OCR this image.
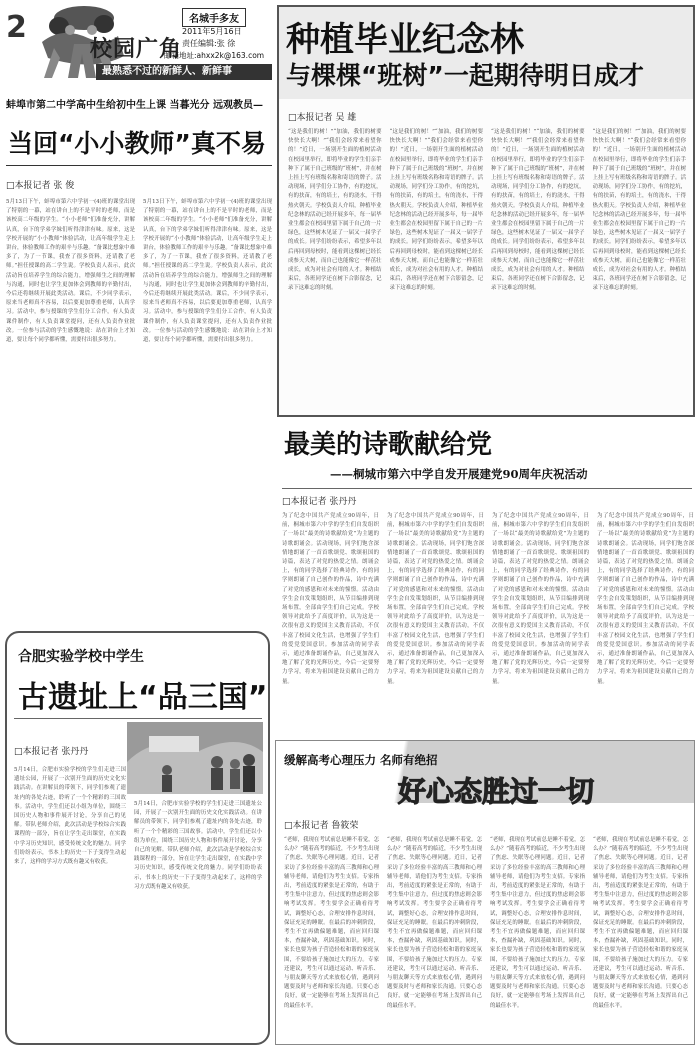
2
校园广角
名城手多友
2011年5月16日
责任编辑:张 徐
邮箱地址:ahxx2k@163.com
最熟悉不过的新鲜人、新鲜事
蚌埠市第二中学高中生给初中生上课 当暮光分 远观教员—
当回“小小教师”真不易
□本报记者 张 俊
5月13日下午，蚌埠市第六中学初一(4)班的课堂出现了特别的一幕，站在讲台上的不是平时的老师，而是该校高二年级的学生。“小小老师”们准备充分，讲解认真，台下的学弟学妹们听得津津有味。原来，这是学校开展的“小小教师”体验活动，让高年级学生走上讲台，体验教师工作的艰辛与乐趣。“备课比想象中难多了，为了一节课，我查了很多资料，还请教了老师。”担任授课的高二学生说。学校负责人表示，此次活动旨在培养学生的综合能力，增强师生之间的理解与沟通，同时也让学生更加体会到教师的辛勤付出，今后还将继续开展此类活动。课后，不少同学表示，原来当老师真不容易，以后要更加尊重老师，认真学习。活动中，参与授课的学生们分工合作，有人负责课件制作，有人负责课堂提问，还有人负责作业批改。一位参与活动的学生感慨地说：站在讲台上才知道，要让每个同学都听懂，需要付出很多努力。
5月13日下午，蚌埠市第六中学初一(4)班的课堂出现了特别的一幕，站在讲台上的不是平时的老师，而是该校高二年级的学生。“小小老师”们准备充分，讲解认真，台下的学弟学妹们听得津津有味。原来，这是学校开展的“小小教师”体验活动，让高年级学生走上讲台，体验教师工作的艰辛与乐趣。“备课比想象中难多了，为了一节课，我查了很多资料，还请教了老师。”担任授课的高二学生说。学校负责人表示，此次活动旨在培养学生的综合能力，增强师生之间的理解与沟通，同时也让学生更加体会到教师的辛勤付出，今后还将继续开展此类活动。课后，不少同学表示，原来当老师真不容易，以后要更加尊重老师，认真学习。活动中，参与授课的学生们分工合作，有人负责课件制作，有人负责课堂提问，还有人负责作业批改。一位参与活动的学生感慨地说：站在讲台上才知道，要让每个同学都听懂，需要付出很多努力。
种植毕业纪念林
与棵棵“班树”一起期待明日成才
□本报记者 吴 雄
“这是我们的树！”“加油，我们的树要快快长大啊！”“我们会经常来看望你的！”近日，一场别开生面的植树活动在校园里举行，即将毕业的学生们亲手种下了属于自己班级的“班树”，并在树上挂上写有班级名称和寄语的牌子。活动现场，同学们分工协作，有的挖坑，有的扶苗，有的培土，有的浇水，干得热火朝天。学校负责人介绍，种植毕业纪念林的活动已经开展多年，每一届毕业生都会在校园里留下属于自己的一片绿色，这些树木见证了一届又一届学子的成长。同学们纷纷表示，希望多年以后再回到母校时，能看到这棵树已经长成参天大树，而自己也能像它一样茁壮成长，成为对社会有用的人才。种植结束后，各班同学还在树下合影留念，记录下这难忘的时刻。
“这是我们的树！”“加油，我们的树要快快长大啊！”“我们会经常来看望你的！”近日，一场别开生面的植树活动在校园里举行，即将毕业的学生们亲手种下了属于自己班级的“班树”，并在树上挂上写有班级名称和寄语的牌子。活动现场，同学们分工协作，有的挖坑，有的扶苗，有的培土，有的浇水，干得热火朝天。学校负责人介绍，种植毕业纪念林的活动已经开展多年，每一届毕业生都会在校园里留下属于自己的一片绿色，这些树木见证了一届又一届学子的成长。同学们纷纷表示，希望多年以后再回到母校时，能看到这棵树已经长成参天大树，而自己也能像它一样茁壮成长，成为对社会有用的人才。种植结束后，各班同学还在树下合影留念，记录下这难忘的时刻。
“这是我们的树！”“加油，我们的树要快快长大啊！”“我们会经常来看望你的！”近日，一场别开生面的植树活动在校园里举行，即将毕业的学生们亲手种下了属于自己班级的“班树”，并在树上挂上写有班级名称和寄语的牌子。活动现场，同学们分工协作，有的挖坑，有的扶苗，有的培土，有的浇水，干得热火朝天。学校负责人介绍，种植毕业纪念林的活动已经开展多年，每一届毕业生都会在校园里留下属于自己的一片绿色，这些树木见证了一届又一届学子的成长。同学们纷纷表示，希望多年以后再回到母校时，能看到这棵树已经长成参天大树，而自己也能像它一样茁壮成长，成为对社会有用的人才。种植结束后，各班同学还在树下合影留念，记录下这难忘的时刻。
“这是我们的树！”“加油，我们的树要快快长大啊！”“我们会经常来看望你的！”近日，一场别开生面的植树活动在校园里举行，即将毕业的学生们亲手种下了属于自己班级的“班树”，并在树上挂上写有班级名称和寄语的牌子。活动现场，同学们分工协作，有的挖坑，有的扶苗，有的培土，有的浇水，干得热火朝天。学校负责人介绍，种植毕业纪念林的活动已经开展多年，每一届毕业生都会在校园里留下属于自己的一片绿色，这些树木见证了一届又一届学子的成长。同学们纷纷表示，希望多年以后再回到母校时，能看到这棵树已经长成参天大树，而自己也能像它一样茁壮成长，成为对社会有用的人才。种植结束后，各班同学还在树下合影留念，记录下这难忘的时刻。
最美的诗歌献给党
——桐城市第六中学自发开展建党90周年庆祝活动
□本报记者 张丹丹
为了纪念中国共产党成立90周年，日前，桐城市第六中学的学生们自发组织了一场以“最美的诗歌献给党”为主题的诗歌朗诵会。活动现场，同学们饱含深情地朗诵了一首首歌颂党、歌颂祖国的诗篇，表达了对党的热爱之情。朗诵会上，有的同学选择了经典诗作，有的同学则朗诵了自己创作的作品，诗中充满了对党的感恩和对未来的憧憬。活动由学生会自发策划组织，从节目编排到现场布置，全部由学生们自己完成。学校领导对此给予了高度评价，认为这是一次很有意义的爱国主义教育活动，不仅丰富了校园文化生活，也增强了学生们的爱党爱国意识。参加活动的同学表示，通过准备朗诵作品，自己更加深入地了解了党的光辉历史，今后一定要努力学习，将来为祖国建设贡献自己的力量。
为了纪念中国共产党成立90周年，日前，桐城市第六中学的学生们自发组织了一场以“最美的诗歌献给党”为主题的诗歌朗诵会。活动现场，同学们饱含深情地朗诵了一首首歌颂党、歌颂祖国的诗篇，表达了对党的热爱之情。朗诵会上，有的同学选择了经典诗作，有的同学则朗诵了自己创作的作品，诗中充满了对党的感恩和对未来的憧憬。活动由学生会自发策划组织，从节目编排到现场布置，全部由学生们自己完成。学校领导对此给予了高度评价，认为这是一次很有意义的爱国主义教育活动，不仅丰富了校园文化生活，也增强了学生们的爱党爱国意识。参加活动的同学表示，通过准备朗诵作品，自己更加深入地了解了党的光辉历史，今后一定要努力学习，将来为祖国建设贡献自己的力量。
为了纪念中国共产党成立90周年，日前，桐城市第六中学的学生们自发组织了一场以“最美的诗歌献给党”为主题的诗歌朗诵会。活动现场，同学们饱含深情地朗诵了一首首歌颂党、歌颂祖国的诗篇，表达了对党的热爱之情。朗诵会上，有的同学选择了经典诗作，有的同学则朗诵了自己创作的作品，诗中充满了对党的感恩和对未来的憧憬。活动由学生会自发策划组织，从节目编排到现场布置，全部由学生们自己完成。学校领导对此给予了高度评价，认为这是一次很有意义的爱国主义教育活动，不仅丰富了校园文化生活，也增强了学生们的爱党爱国意识。参加活动的同学表示，通过准备朗诵作品，自己更加深入地了解了党的光辉历史，今后一定要努力学习，将来为祖国建设贡献自己的力量。
为了纪念中国共产党成立90周年，日前，桐城市第六中学的学生们自发组织了一场以“最美的诗歌献给党”为主题的诗歌朗诵会。活动现场，同学们饱含深情地朗诵了一首首歌颂党、歌颂祖国的诗篇，表达了对党的热爱之情。朗诵会上，有的同学选择了经典诗作，有的同学则朗诵了自己创作的作品，诗中充满了对党的感恩和对未来的憧憬。活动由学生会自发策划组织，从节目编排到现场布置，全部由学生们自己完成。学校领导对此给予了高度评价，认为这是一次很有意义的爱国主义教育活动，不仅丰富了校园文化生活，也增强了学生们的爱党爱国意识。参加活动的同学表示，通过准备朗诵作品，自己更加深入地了解了党的光辉历史，今后一定要努力学习，将来为祖国建设贡献自己的力量。
合肥实验学校中学生
古遗址上“品三国”
□本报记者 张丹丹
5月14日，合肥市实验学校的学生们走进三国遗址公园，开展了一次别开生面的历史文化实践活动。在讲解员的带领下，同学们参观了遗址内的各处古迹，聆听了一个个精彩的三国故事。活动中，学生们还以小组为单位，围绕三国历史人物和事件展开讨论，分享自己的见解。带队老师介绍，此次活动是学校综合实践课程的一部分，旨在让学生走出课堂，在实践中学习历史知识，感受传统文化的魅力。同学们纷纷表示，书本上的历史一下子变得生动起来了，这样的学习方式既有趣又有收获。
5月14日，合肥市实验学校的学生们走进三国遗址公园，开展了一次别开生面的历史文化实践活动。在讲解员的带领下，同学们参观了遗址内的各处古迹，聆听了一个个精彩的三国故事。活动中，学生们还以小组为单位，围绕三国历史人物和事件展开讨论，分享自己的见解。带队老师介绍，此次活动是学校综合实践课程的一部分，旨在让学生走出课堂，在实践中学习历史知识，感受传统文化的魅力。同学们纷纷表示，书本上的历史一下子变得生动起来了，这样的学习方式既有趣又有收获。
缓解高考心理压力 名师有绝招
好心态胜过一切
□本报记者 鲁筱荣
“老师，我现在考试前总是睡不着觉，怎么办？”随着高考的临近，不少考生出现了焦虑、失眠等心理问题。近日，记者采访了多位经验丰富的高三教师和心理辅导老师，请他们为考生支招。专家指出，考前适度的紧张是正常的，有助于考生集中注意力，但过度的焦虑则会影响考试发挥。考生要学会正确看待考试，调整好心态，合理安排作息时间，保证充足的睡眠。在最后的冲刺阶段，考生不宜再做偏题难题，而应回归课本，查漏补缺，巩固基础知识。同时，家长也要为孩子营造轻松和谐的家庭氛围，不要给孩子施加过大的压力。专家还建议，考生可以通过运动、听音乐、与朋友聊天等方式来放松心情，遇到问题要及时与老师和家长沟通。只要心态良好，就一定能够在考场上发挥出自己的最佳水平。
“老师，我现在考试前总是睡不着觉，怎么办？”随着高考的临近，不少考生出现了焦虑、失眠等心理问题。近日，记者采访了多位经验丰富的高三教师和心理辅导老师，请他们为考生支招。专家指出，考前适度的紧张是正常的，有助于考生集中注意力，但过度的焦虑则会影响考试发挥。考生要学会正确看待考试，调整好心态，合理安排作息时间，保证充足的睡眠。在最后的冲刺阶段，考生不宜再做偏题难题，而应回归课本，查漏补缺，巩固基础知识。同时，家长也要为孩子营造轻松和谐的家庭氛围，不要给孩子施加过大的压力。专家还建议，考生可以通过运动、听音乐、与朋友聊天等方式来放松心情，遇到问题要及时与老师和家长沟通。只要心态良好，就一定能够在考场上发挥出自己的最佳水平。
“老师，我现在考试前总是睡不着觉，怎么办？”随着高考的临近，不少考生出现了焦虑、失眠等心理问题。近日，记者采访了多位经验丰富的高三教师和心理辅导老师，请他们为考生支招。专家指出，考前适度的紧张是正常的，有助于考生集中注意力，但过度的焦虑则会影响考试发挥。考生要学会正确看待考试，调整好心态，合理安排作息时间，保证充足的睡眠。在最后的冲刺阶段，考生不宜再做偏题难题，而应回归课本，查漏补缺，巩固基础知识。同时，家长也要为孩子营造轻松和谐的家庭氛围，不要给孩子施加过大的压力。专家还建议，考生可以通过运动、听音乐、与朋友聊天等方式来放松心情，遇到问题要及时与老师和家长沟通。只要心态良好，就一定能够在考场上发挥出自己的最佳水平。
“老师，我现在考试前总是睡不着觉，怎么办？”随着高考的临近，不少考生出现了焦虑、失眠等心理问题。近日，记者采访了多位经验丰富的高三教师和心理辅导老师，请他们为考生支招。专家指出，考前适度的紧张是正常的，有助于考生集中注意力，但过度的焦虑则会影响考试发挥。考生要学会正确看待考试，调整好心态，合理安排作息时间，保证充足的睡眠。在最后的冲刺阶段，考生不宜再做偏题难题，而应回归课本，查漏补缺，巩固基础知识。同时，家长也要为孩子营造轻松和谐的家庭氛围，不要给孩子施加过大的压力。专家还建议，考生可以通过运动、听音乐、与朋友聊天等方式来放松心情，遇到问题要及时与老师和家长沟通。只要心态良好，就一定能够在考场上发挥出自己的最佳水平。
